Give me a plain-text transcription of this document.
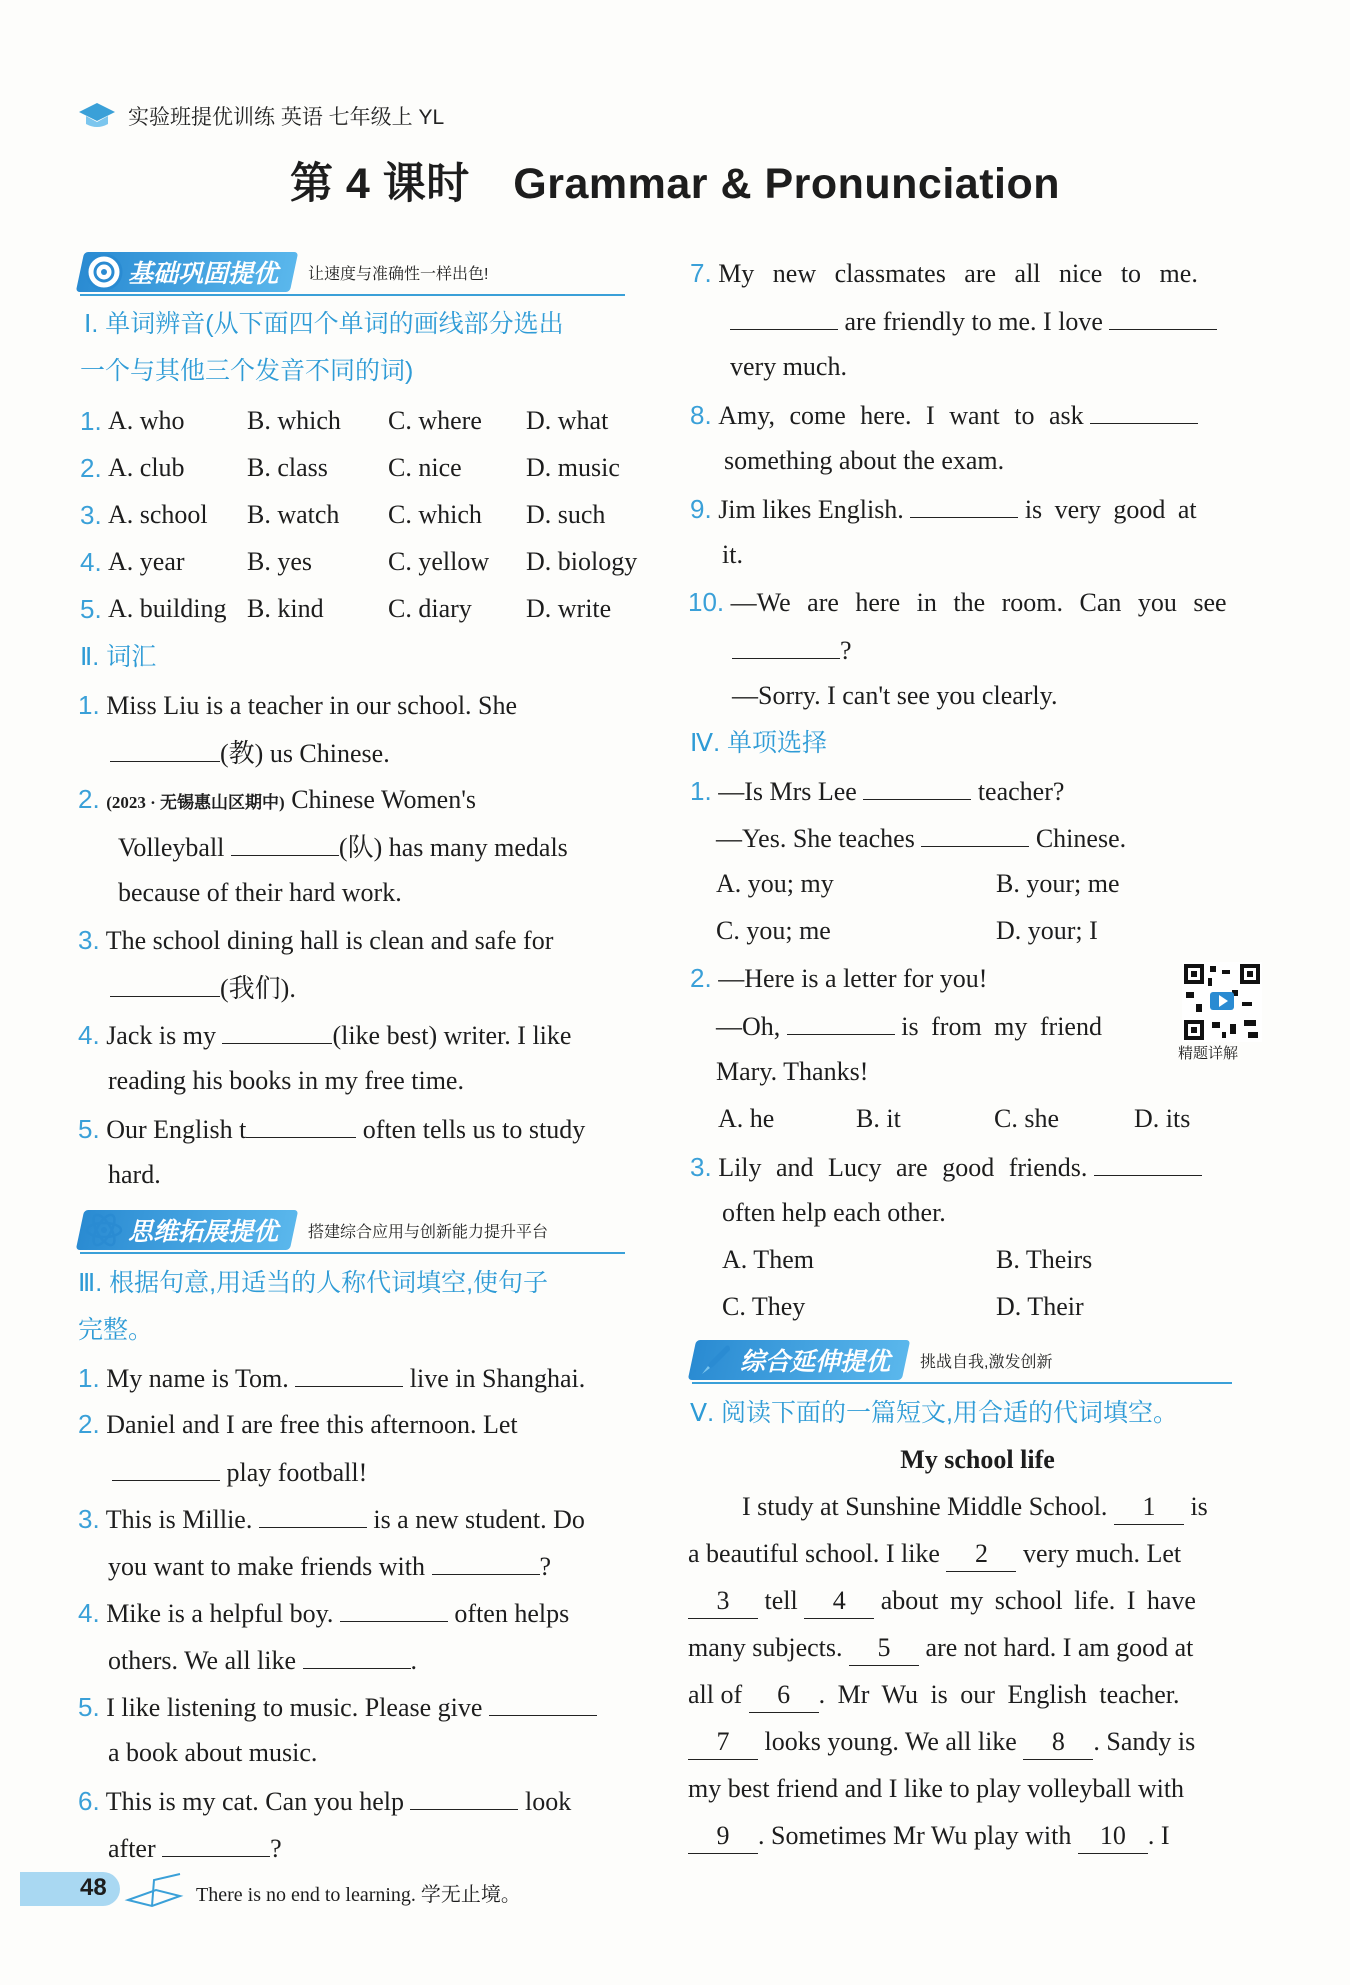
实验班提优训练 英语 七年级上 YL
第 4 课时　Grammar & Pronunciation
基础巩固提优 让速度与准确性一样出色!
Ⅰ. 单词辨音(从下面四个单词的画线部分选出
一个与其他三个发音不同的词)
1. A. who B. which C. where D. what
2. A. club B. class C. nice D. music
3. A. school B. watch C. which D. such
4. A. year B. yes	C. yellow D. biology
5. A. building B. kind C. diary D. write
Ⅱ. 词汇
1. Miss Liu is a teacher in our school. She
(教) us Chinese.
2. (2023 · 无锡惠山区期中) Chinese Women's
Volleyball	(队) has many medals
because of their hard work.
3. The school dining hall is clean and safe for
(我们).
4. Jack is my	(like best) writer. I like
reading his books in my free time.
5. Our English t	often tells us to study
hard.
思维拓展提优 搭建综合应用与创新能力提升平台
Ⅲ. 根据句意,用适当的人称代词填空,使句子
完整。
1. My name is Tom.	live in Shanghai.
2. Daniel and I are free this afternoon. Let
play football!
3. This is Millie.	is a new student. Do
you want to make friends with	?
4. Mike is a helpful boy.	often helps
others. We all like	.
5. I like listening to music. Please give
a book about music.
6. This is my cat. Can you help	look
after	?
7. My new classmates are all nice to me.
are friendly to me. I love
very much.
8. Amy, come here. I want to ask
something about the exam.
9. Jim likes English.	is very good at
it.
10. —We are here in the room. Can you see
?
—Sorry. I can't see you clearly.
Ⅳ. 单项选择
1. —Is Mrs Lee	teacher?
—Yes. She teaches	Chinese.
A. you; my	B. your; me
C. you; me	D. your; I
2. —Here is a letter for you!
—Oh,	is from my friend
Mary. Thanks!
精题详解
A. he	B. it	C. she	D. its
3. Lily and Lucy are good friends.
often help each other.
A. Them	B. Theirs
C. They	D. Their
综合延伸提优 挑战自我,激发创新
Ⅴ. 阅读下面的一篇短文,用合适的代词填空。
My school life
I study at Sunshine Middle School. 1 is
a beautiful school. I like 2 very much. Let
3 tell 4 about my school life. I have
many subjects. 5 are not hard. I am good at
all of 6 . Mr Wu is our English teacher.
7 looks young. We all like 8 . Sandy is
my best friend and I like to play volleyball with
9 . Sometimes Mr Wu play with 10 . I
48	There is no end to learning. 学无止境。
